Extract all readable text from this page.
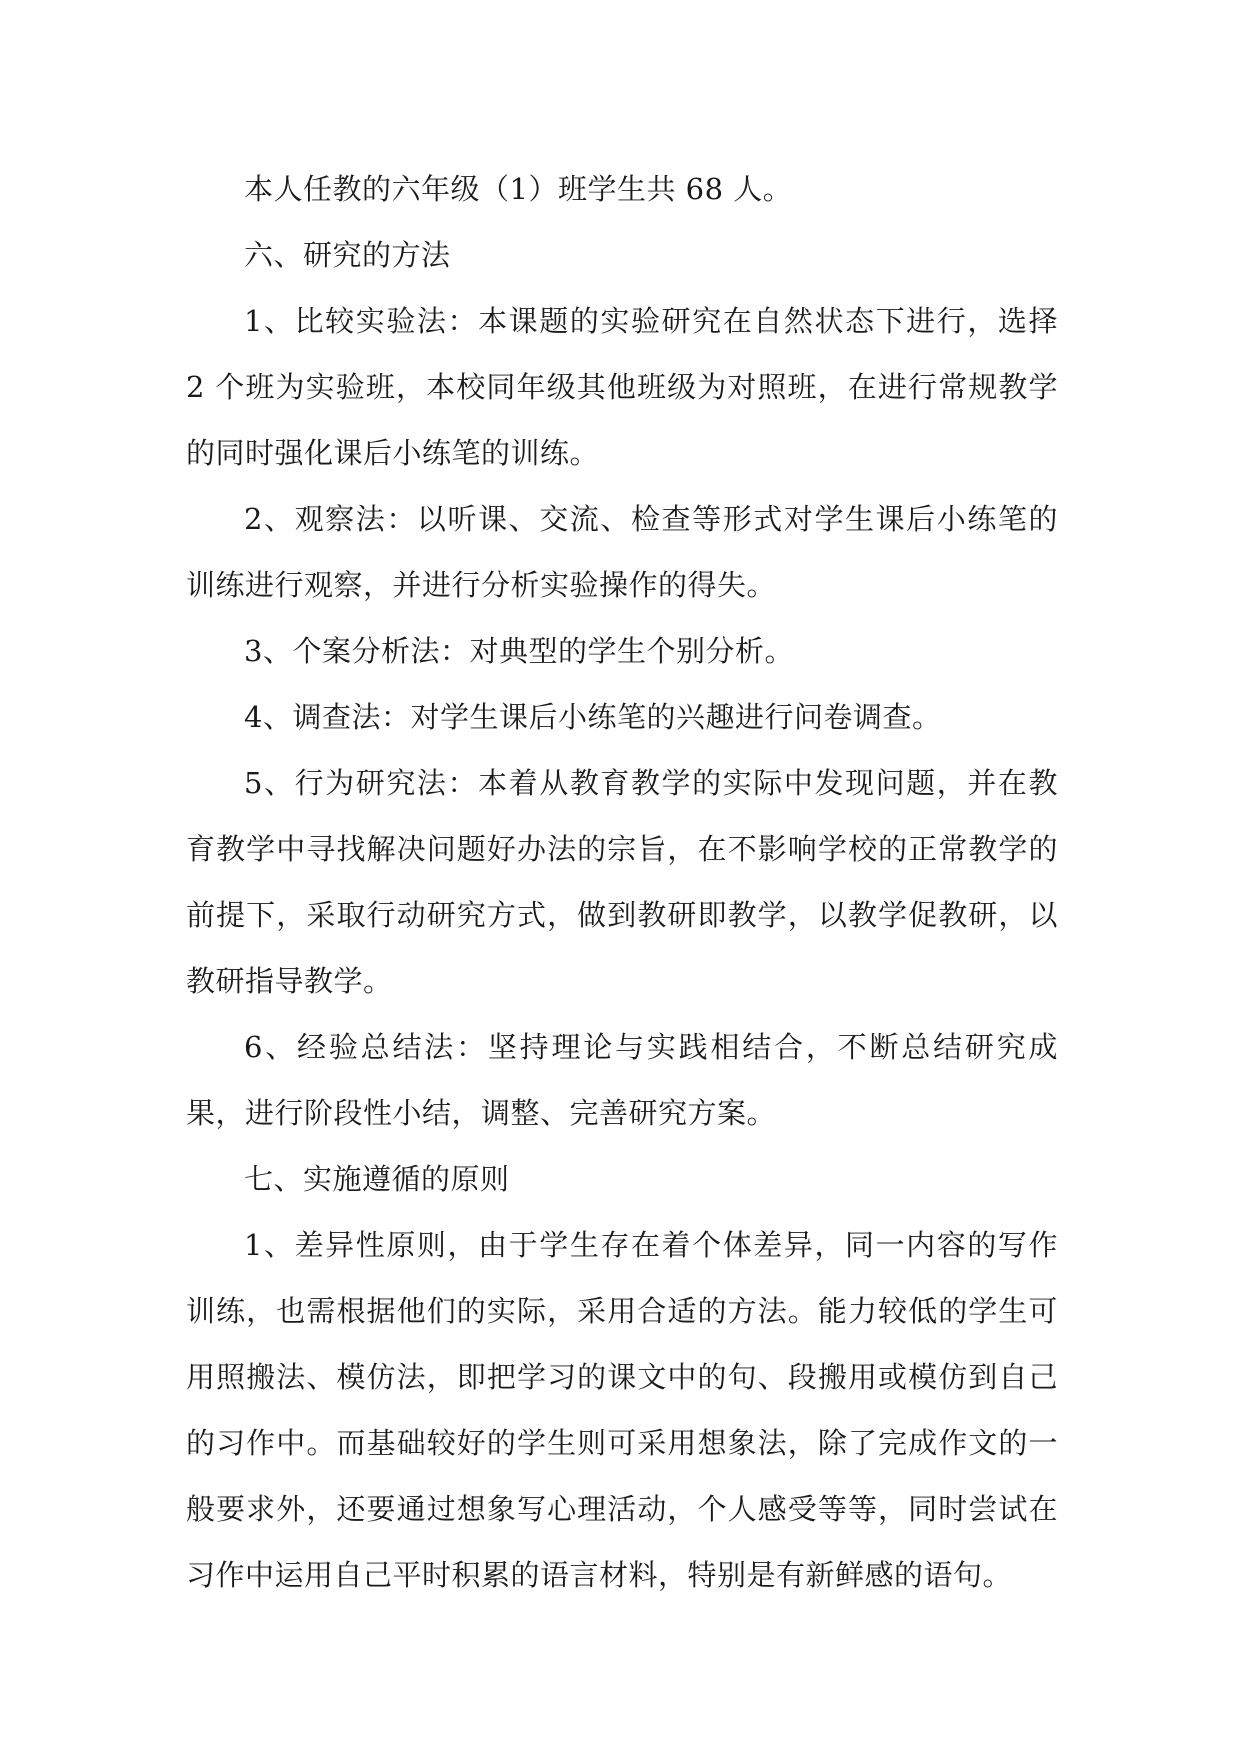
本人任教的六年级（1）班学生共 68 人。

六、研究的方法

1、比较实验法：本课题的实验研究在自然状态下进行，选择 2 个班为实验班，本校同年级其他班级为对照班，在进行常规教学的同时强化课后小练笔的训练。

2、观察法：以听课、交流、检查等形式对学生课后小练笔的训练进行观察，并进行分析实验操作的得失。

3、个案分析法：对典型的学生个别分析。

4、调查法：对学生课后小练笔的兴趣进行问卷调查。

5、行为研究法：本着从教育教学的实际中发现问题，并在教育教学中寻找解决问题好办法的宗旨，在不影响学校的正常教学的前提下，采取行动研究方式，做到教研即教学，以教学促教研，以教研指导教学。

6、经验总结法：坚持理论与实践相结合，不断总结研究成果，进行阶段性小结，调整、完善研究方案。

七、实施遵循的原则

1、差异性原则，由于学生存在着个体差异，同一内容的写作训练，也需根据他们的实际，采用合适的方法。能力较低的学生可用照搬法、模仿法，即把学习的课文中的句、段搬用或模仿到自己的习作中。而基础较好的学生则可采用想象法，除了完成作文的一般要求外，还要通过想象写心理活动，个人感受等等，同时尝试在习作中运用自己平时积累的语言材料，特别是有新鲜感的语句。
